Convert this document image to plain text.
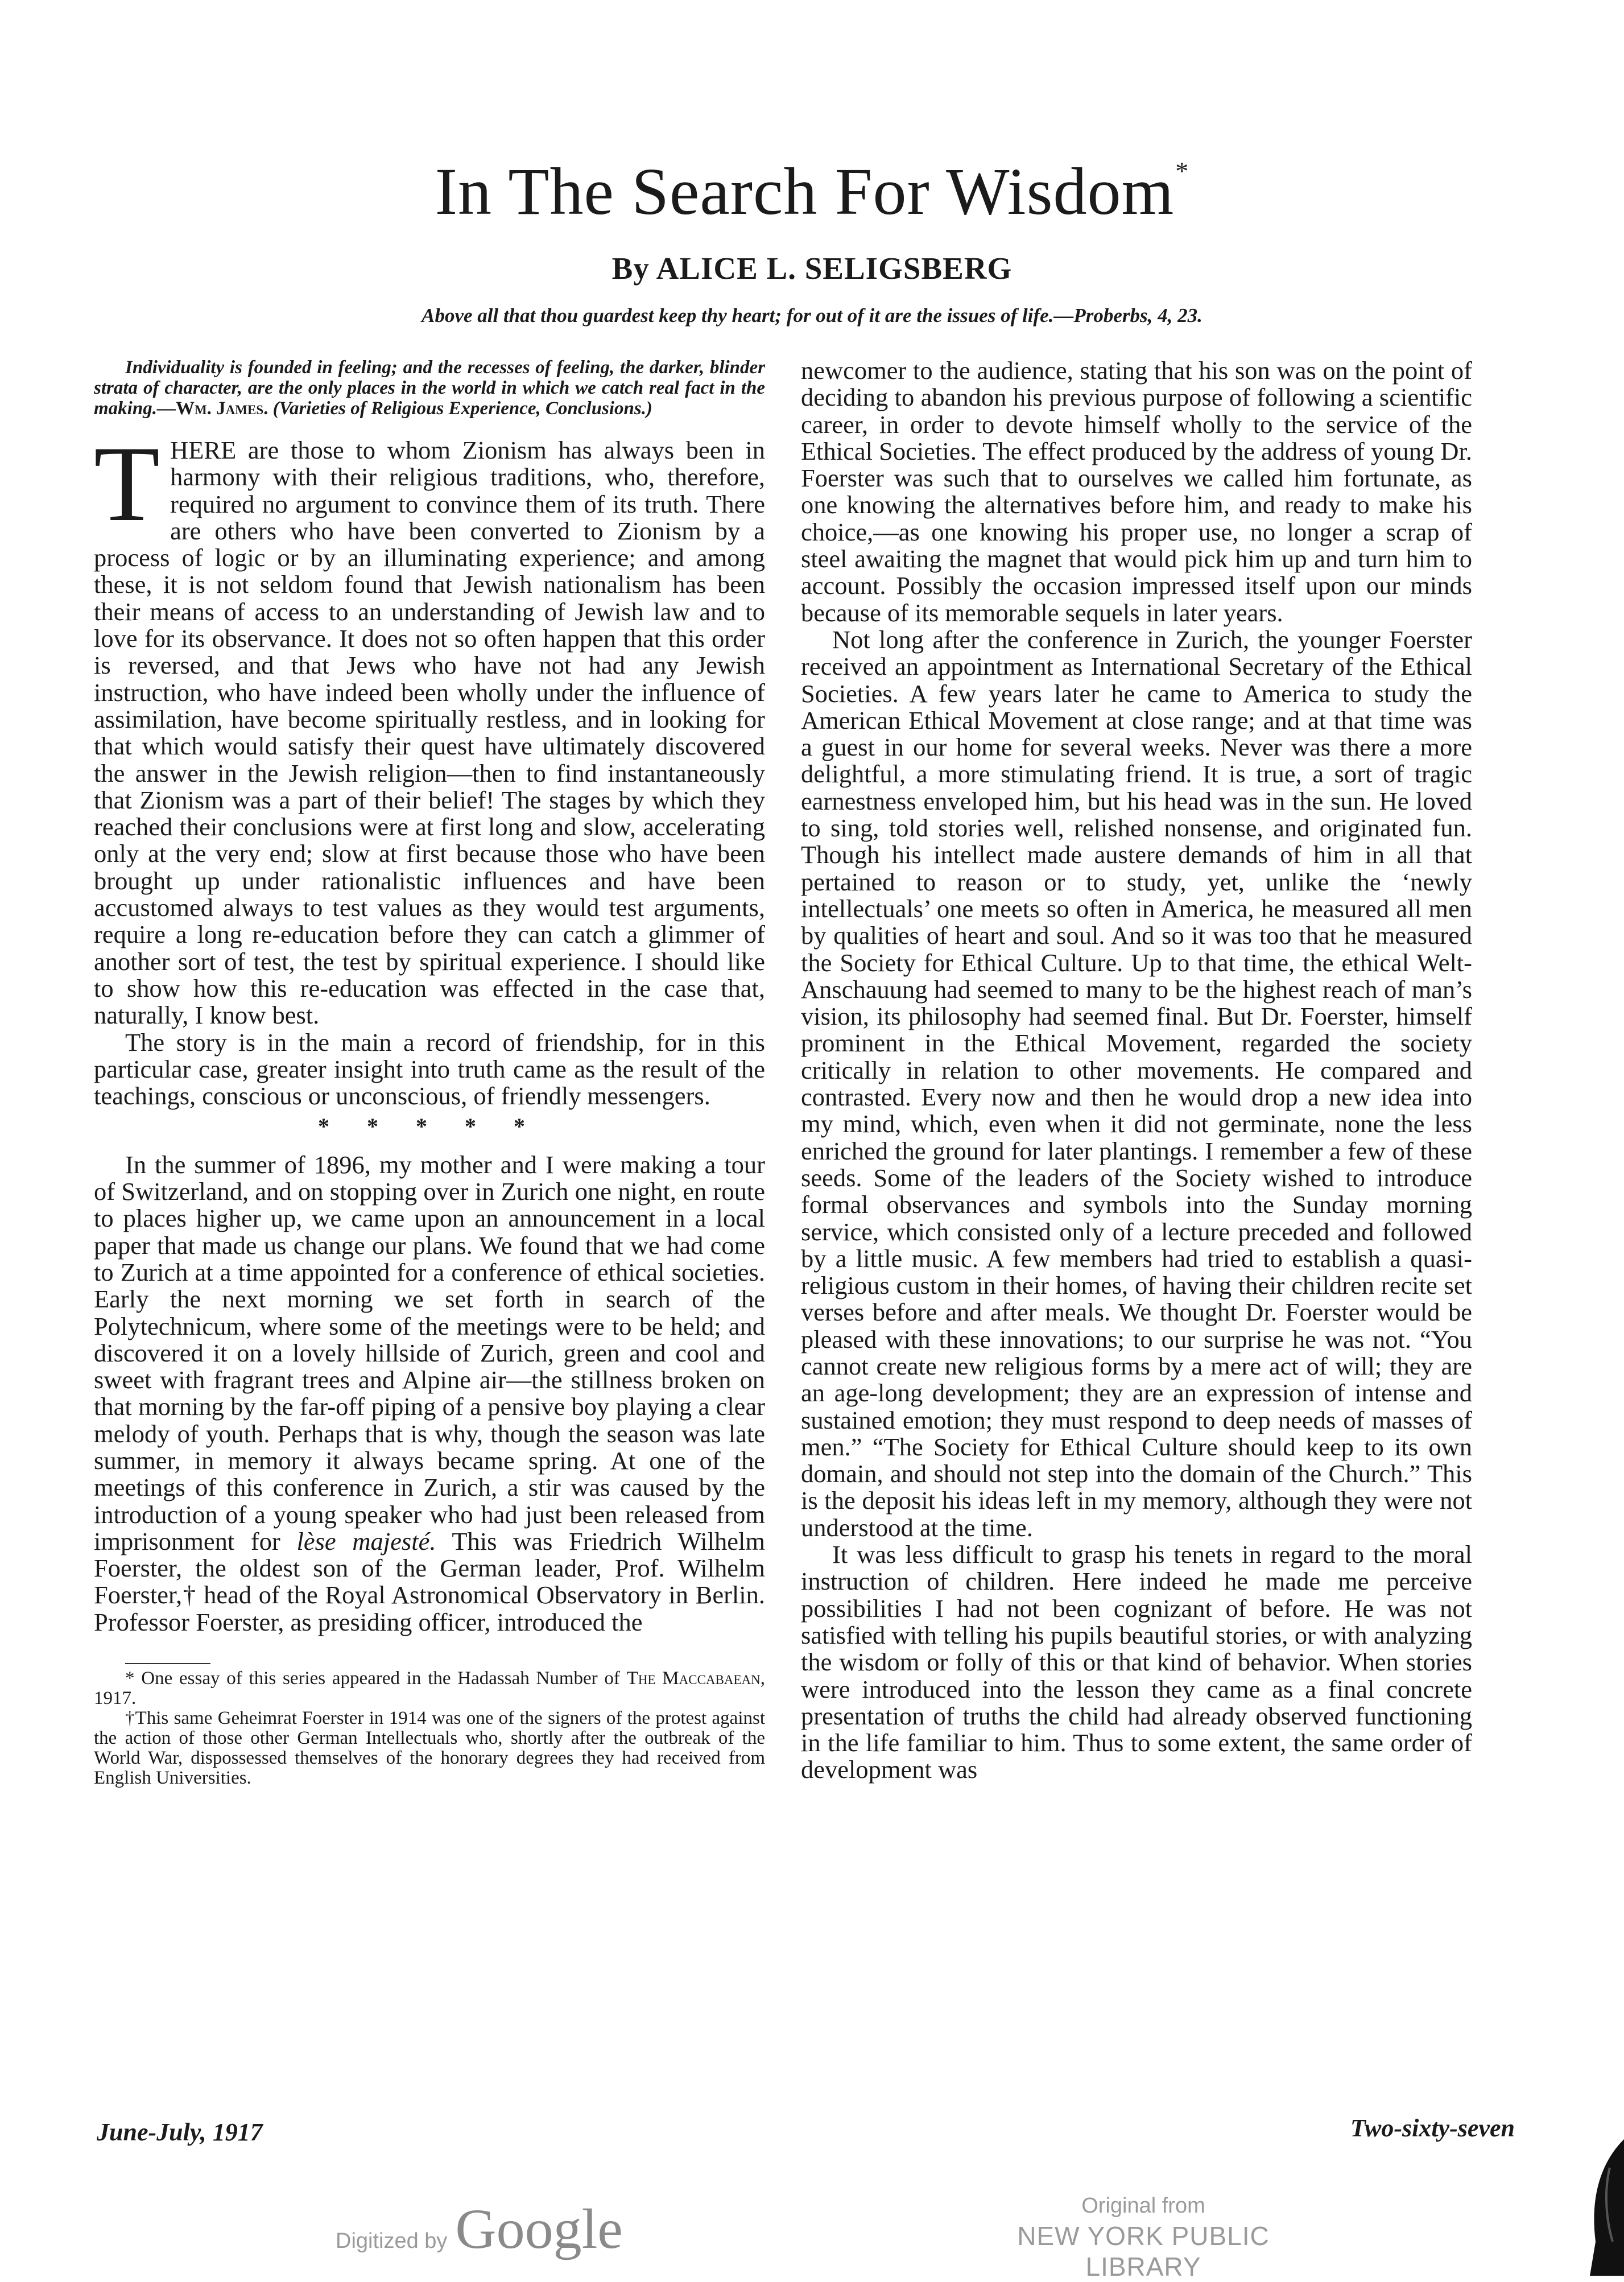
In The Search For Wisdom*
By ALICE L. SELIGSBERG
Above all that thou guardest keep thy heart; for out of it are the issues of life.—Proberbs, 4, 23.
Individuality is founded in feeling; and the recesses of feeling, the darker, blinder strata of character, are the only places in the world in which we catch real fact in the making.—Wm. James. (Varieties of Religious Experience, Conclusions.)

THERE are those to whom Zionism has always been in harmony with their religious traditions, who, therefore, required no argument to convince them of its truth. There are others who have been converted to Zionism by a process of logic or by an illuminating experience; and among these, it is not seldom found that Jewish nationalism has been their means of access to an understanding of Jewish law and to love for its observance. It does not so often happen that this order is reversed, and that Jews who have not had any Jewish instruction, who have indeed been wholly under the influence of assimilation, have become spiritually restless, and in looking for that which would satisfy their quest have ultimately discovered the answer in the Jewish religion—then to find instantaneously that Zionism was a part of their belief! The stages by which they reached their conclusions were at first long and slow, accelerating only at the very end; slow at first because those who have been brought up under rationalistic influences and have been accustomed always to test values as they would test arguments, require a long re-education before they can catch a glimmer of another sort of test, the test by spiritual experience. I should like to show how this re-education was effected in the case that, naturally, I know best.

The story is in the main a record of friendship, for in this particular case, greater insight into truth came as the result of the teachings, conscious or unconscious, of friendly messengers.

* * * * *

In the summer of 1896, my mother and I were making a tour of Switzerland, and on stopping over in Zurich one night, en route to places higher up, we came upon an announcement in a local paper that made us change our plans. We found that we had come to Zurich at a time appointed for a conference of ethical societies. Early the next morning we set forth in search of the Polytechnicum, where some of the meetings were to be held; and discovered it on a lovely hillside of Zurich, green and cool and sweet with fragrant trees and Alpine air—the stillness broken on that morning by the far-off piping of a pensive boy playing a clear melody of youth. Perhaps that is why, though the season was late summer, in memory it always became spring. At one of the meetings of this conference in Zurich, a stir was caused by the introduction of a young speaker who had just been released from imprisonment for lèse majesté. This was Friedrich Wilhelm Foerster, the oldest son of the German leader, Prof. Wilhelm Foerster,† head of the Royal Astronomical Observatory in Berlin. Professor Foerster, as presiding officer, introduced the

* One essay of this series appeared in the Hadassah Number of The Maccabaean, 1917.

†This same Geheimrat Foerster in 1914 was one of the signers of the protest against the action of those other German Intellectuals who, shortly after the outbreak of the World War, dispossessed themselves of the honorary degrees they had received from English Universities.

newcomer to the audience, stating that his son was on the point of deciding to abandon his previous purpose of following a scientific career, in order to devote himself wholly to the service of the Ethical Societies. The effect produced by the address of young Dr. Foerster was such that to ourselves we called him fortunate, as one knowing the alternatives before him, and ready to make his choice,—as one knowing his proper use, no longer a scrap of steel awaiting the magnet that would pick him up and turn him to account. Possibly the occasion impressed itself upon our minds because of its memorable sequels in later years.

Not long after the conference in Zurich, the younger Foerster received an appointment as International Secretary of the Ethical Societies. A few years later he came to America to study the American Ethical Movement at close range; and at that time was a guest in our home for several weeks. Never was there a more delightful, a more stimulating friend. It is true, a sort of tragic earnestness enveloped him, but his head was in the sun. He loved to sing, told stories well, relished nonsense, and originated fun. Though his intellect made austere demands of him in all that pertained to reason or to study, yet, unlike the ‘newly intellectuals’ one meets so often in America, he measured all men by qualities of heart and soul. And so it was too that he measured the Society for Ethical Culture. Up to that time, the ethical Welt-Anschauung had seemed to many to be the highest reach of man’s vision, its philosophy had seemed final. But Dr. Foerster, himself prominent in the Ethical Movement, regarded the society critically in relation to other movements. He compared and contrasted. Every now and then he would drop a new idea into my mind, which, even when it did not germinate, none the less enriched the ground for later plantings. I remember a few of these seeds. Some of the leaders of the Society wished to introduce formal observances and symbols into the Sunday morning service, which consisted only of a lecture preceded and followed by a little music. A few members had tried to establish a quasi-religious custom in their homes, of having their children recite set verses before and after meals. We thought Dr. Foerster would be pleased with these innovations; to our surprise he was not. “You cannot create new religious forms by a mere act of will; they are an age-long development; they are an expression of intense and sustained emotion; they must respond to deep needs of masses of men.” “The Society for Ethical Culture should keep to its own domain, and should not step into the domain of the Church.” This is the deposit his ideas left in my memory, although they were not understood at the time.

It was less difficult to grasp his tenets in regard to the moral instruction of children. Here indeed he made me perceive possibilities I had not been cognizant of before. He was not satisfied with telling his pupils beautiful stories, or with analyzing the wisdom or folly of this or that kind of behavior. When stories were introduced into the lesson they came as a final concrete presentation of truths the child had already observed functioning in the life familiar to him. Thus to some extent, the same order of development was

June-July, 1917	Two-sixty-seven
Digitized by Google	Original from
NEW YORK PUBLIC LIBRARY
